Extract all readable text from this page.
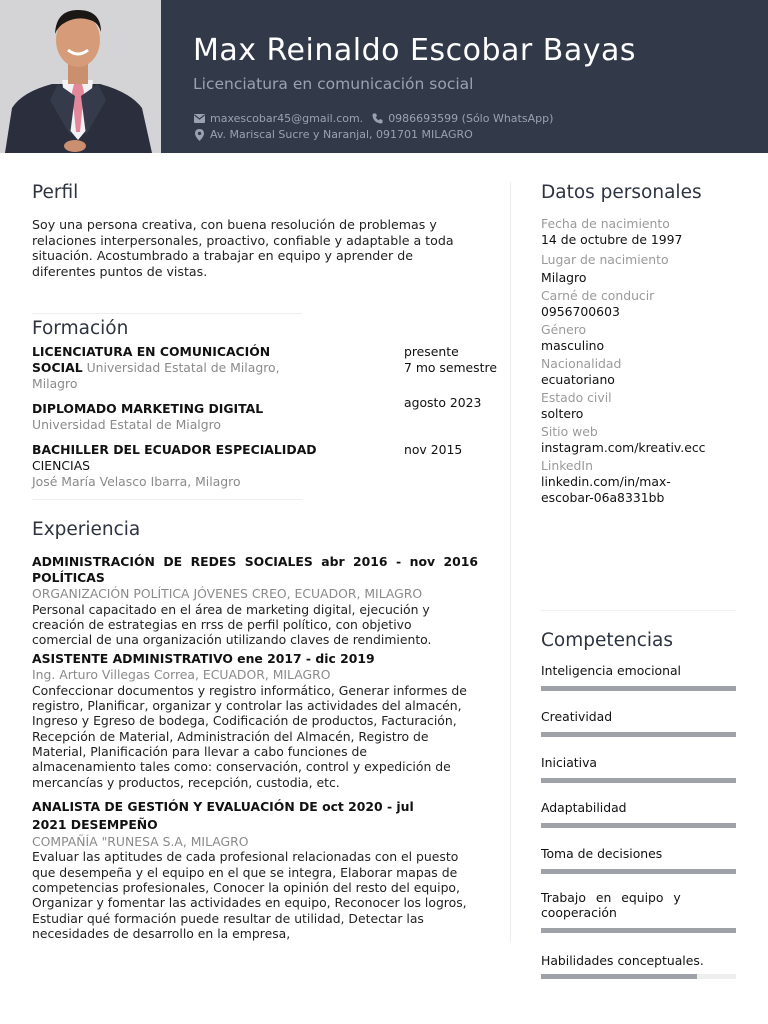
Max Reinaldo Escobar Bayas
Licenciatura en comunicación social
maxescobar45@gmail.com. 0986693599 (Sólo WhatsApp)
Av. Mariscal Sucre y Naranjal, 091701 MILAGRO
Perfil
Soy una persona creativa, con buena resolución de problemas y relaciones interpersonales, proactivo, confiable y adaptable a toda situación. Acostumbrado a trabajar en equipo y aprender de diferentes puntos de vistas.
Formación
LICENCIATURA EN COMUNICACIÓN SOCIAL Universidad Estatal de Milagro, Milagro
presente
7 mo semestre
DIPLOMADO MARKETING DIGITAL
Universidad Estatal de Mialgro
agosto 2023
BACHILLER DEL ECUADOR ESPECIALIDAD
CIENCIAS
José María Velasco Ibarra, Milagro
nov 2015
Experiencia
ADMINISTRACIÓN DE REDES SOCIALES abr 2016 - nov 2016 POLÍTICAS
ORGANIZACIÓN POLÍTICA JÓVENES CREO, ECUADOR, MILAGRO
Personal capacitado en el área de marketing digital, ejecución y creación de estrategias en rrss de perfil político, con objetivo comercial de una organización utilizando claves de rendimiento.
ASISTENTE ADMINISTRATIVO ene 2017 - dic 2019
Ing. Arturo Villegas Correa, ECUADOR, MILAGRO
Confeccionar documentos y registro informático, Generar informes de registro, Planificar, organizar y controlar las actividades del almacén, Ingreso y Egreso de bodega, Codificación de productos, Facturación, Recepción de Material, Administración del Almacén, Registro de Material, Planificación para llevar a cabo funciones de almacenamiento tales como: conservación, control y expedición de mercancías y productos, recepción, custodia, etc.
ANALISTA DE GESTIÓN Y EVALUACIÓN DE oct 2020 - jul 2021 DESEMPEÑO
COMPAÑÍA "RUNESA S.A, MILAGRO
Evaluar las aptitudes de cada profesional relacionadas con el puesto que desempeña y el equipo en el que se integra, Elaborar mapas de competencias profesionales, Conocer la opinión del resto del equipo, Organizar y fomentar las actividades en equipo, Reconocer los logros, Estudiar qué formación puede resultar de utilidad, Detectar las necesidades de desarrollo en la empresa,
Datos personales
Fecha de nacimiento
14 de octubre de 1997
Lugar de nacimiento
Milagro
Carné de conducir
0956700603
Género
masculino
Nacionalidad
ecuatoriano
Estado civil
soltero
Sitio web
instagram.com/kreativ.ecc
LinkedIn
linkedin.com/in/max-escobar-06a8331bb
Competencias
Inteligencia emocional
Creatividad
Iniciativa
Adaptabilidad
Toma de decisiones
Trabajo en equipo y cooperación
Habilidades conceptuales.
